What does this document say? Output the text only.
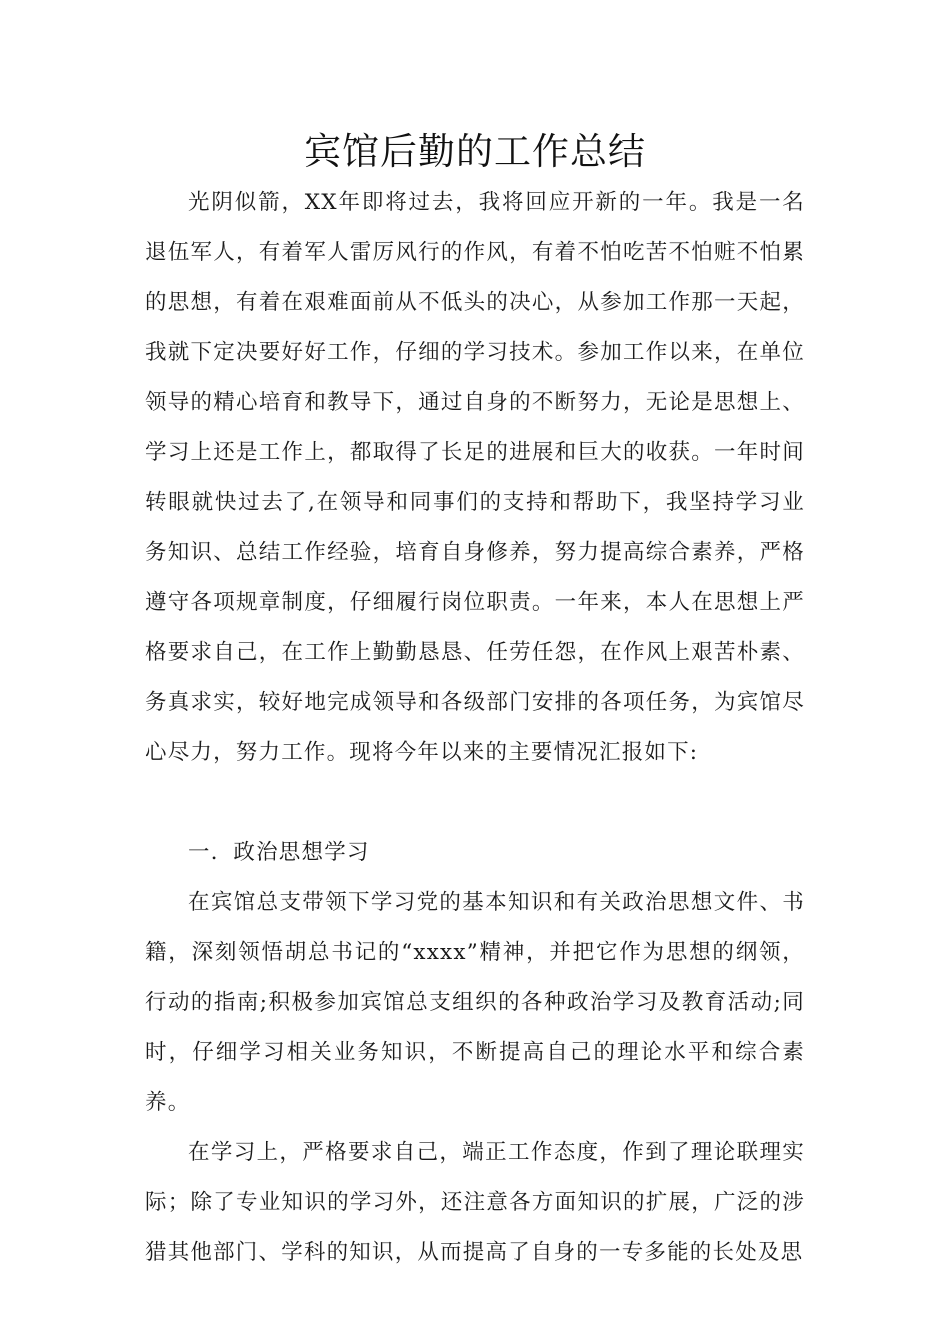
宾馆后勤的工作总结

光阴似箭，XX年即将过去，我将回应开新的一年。我是一名退伍军人，有着军人雷厉风行的作风，有着不怕吃苦不怕赃不怕累的思想，有着在艰难面前从不低头的决心，从参加工作那一天起，我就下定决要好好工作，仔细的学习技术。参加工作以来，在单位领导的精心培育和教导下，通过自身的不断努力，无论是思想上、学习上还是工作上，都取得了长足的进展和巨大的收获。一年时间转眼就快过去了,在领导和同事们的支持和帮助下，我坚持学习业务知识、总结工作经验，培育自身修养，努力提高综合素养，严格遵守各项规章制度，仔细履行岗位职责。一年来，本人在思想上严格要求自己，在工作上勤勤恳恳、任劳任怨，在作风上艰苦朴素、务真求实，较好地完成领导和各级部门安排的各项任务，为宾馆尽心尽力，努力工作。现将今年以来的主要情况汇报如下:

一．政治思想学习

在宾馆总支带领下学习党的基本知识和有关政治思想文件、书籍，深刻领悟胡总书记的“xxxx”精神，并把它作为思想的纲领，行动的指南;积极参加宾馆总支组织的各种政治学习及教育活动;同时，仔细学习相关业务知识，不断提高自己的理论水平和综合素养。

在学习上，严格要求自己，端正工作态度，作到了理论联理实际；除了专业知识的学习外，还注意各方面知识的扩展，广泛的涉猎其他部门、学科的知识，从而提高了自身的一专多能的长处及思
